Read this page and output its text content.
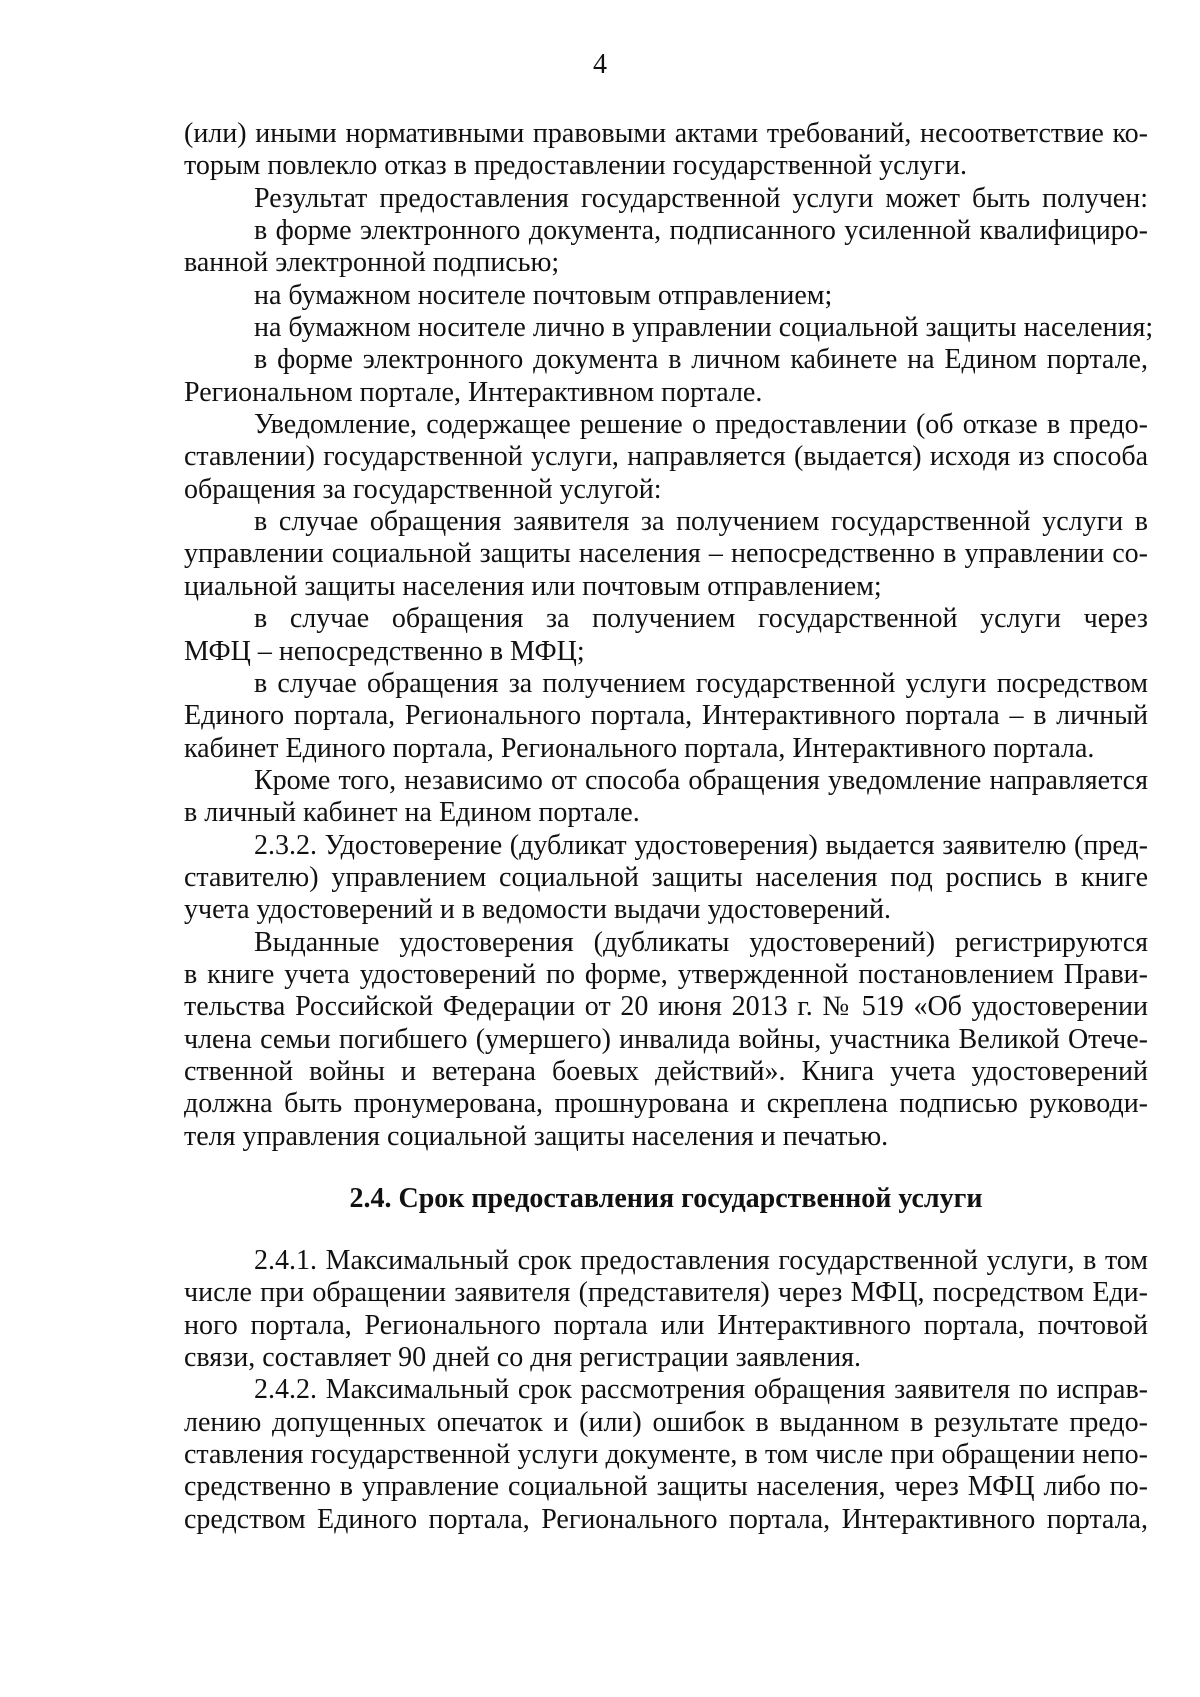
4
(или) иными нормативными правовыми актами требований, несоответствие ко-
торым повлекло отказ в предоставлении государственной услуги.
Результат предоставления государственной услуги может быть получен:
в форме электронного документа, подписанного усиленной квалифициро-
ванной электронной подписью;
на бумажном носителе почтовым отправлением;
на бумажном носителе лично в управлении социальной защиты населения;
в форме электронного документа в личном кабинете на Едином портале,
Региональном портале, Интерактивном портале.
Уведомление, содержащее решение о предоставлении (об отказе в предо-
ставлении) государственной услуги, направляется (выдается) исходя из способа
обращения за государственной услугой:
в случае обращения заявителя за получением государственной услуги в
управлении социальной защиты населения – непосредственно в управлении со-
циальной защиты населения или почтовым отправлением;
в случае обращения за получением государственной услуги через
МФЦ – непосредственно в МФЦ;
в случае обращения за получением государственной услуги посредством
Единого портала, Регионального портала, Интерактивного портала – в личный
кабинет Единого портала, Регионального портала, Интерактивного портала.
Кроме того, независимо от способа обращения уведомление направляется
в личный кабинет на Едином портале.
2.3.2. Удостоверение (дубликат удостоверения) выдается заявителю (пред-
ставителю) управлением социальной защиты населения под роспись в книге
учета удостоверений и в ведомости выдачи удостоверений.
Выданные удостоверения (дубликаты удостоверений) регистрируются
в книге учета удостоверений по форме, утвержденной постановлением Прави-
тельства Российской Федерации от 20 июня 2013 г. № 519 «Об удостоверении
члена семьи погибшего (умершего) инвалида войны, участника Великой Отече-
ственной войны и ветерана боевых действий». Книга учета удостоверений
должна быть пронумерована, прошнурована и скреплена подписью руководи-
теля управления социальной защиты населения и печатью.
2.4. Срок предоставления государственной услуги
2.4.1. Максимальный срок предоставления государственной услуги, в том
числе при обращении заявителя (представителя) через МФЦ, посредством Еди-
ного портала, Регионального портала или Интерактивного портала, почтовой
связи, составляет 90 дней со дня регистрации заявления.
2.4.2. Максимальный срок рассмотрения обращения заявителя по исправ-
лению допущенных опечаток и (или) ошибок в выданном в результате предо-
ставления государственной услуги документе, в том числе при обращении непо-
средственно в управление социальной защиты населения, через МФЦ либо по-
средством Единого портала, Регионального портала, Интерактивного портала,
